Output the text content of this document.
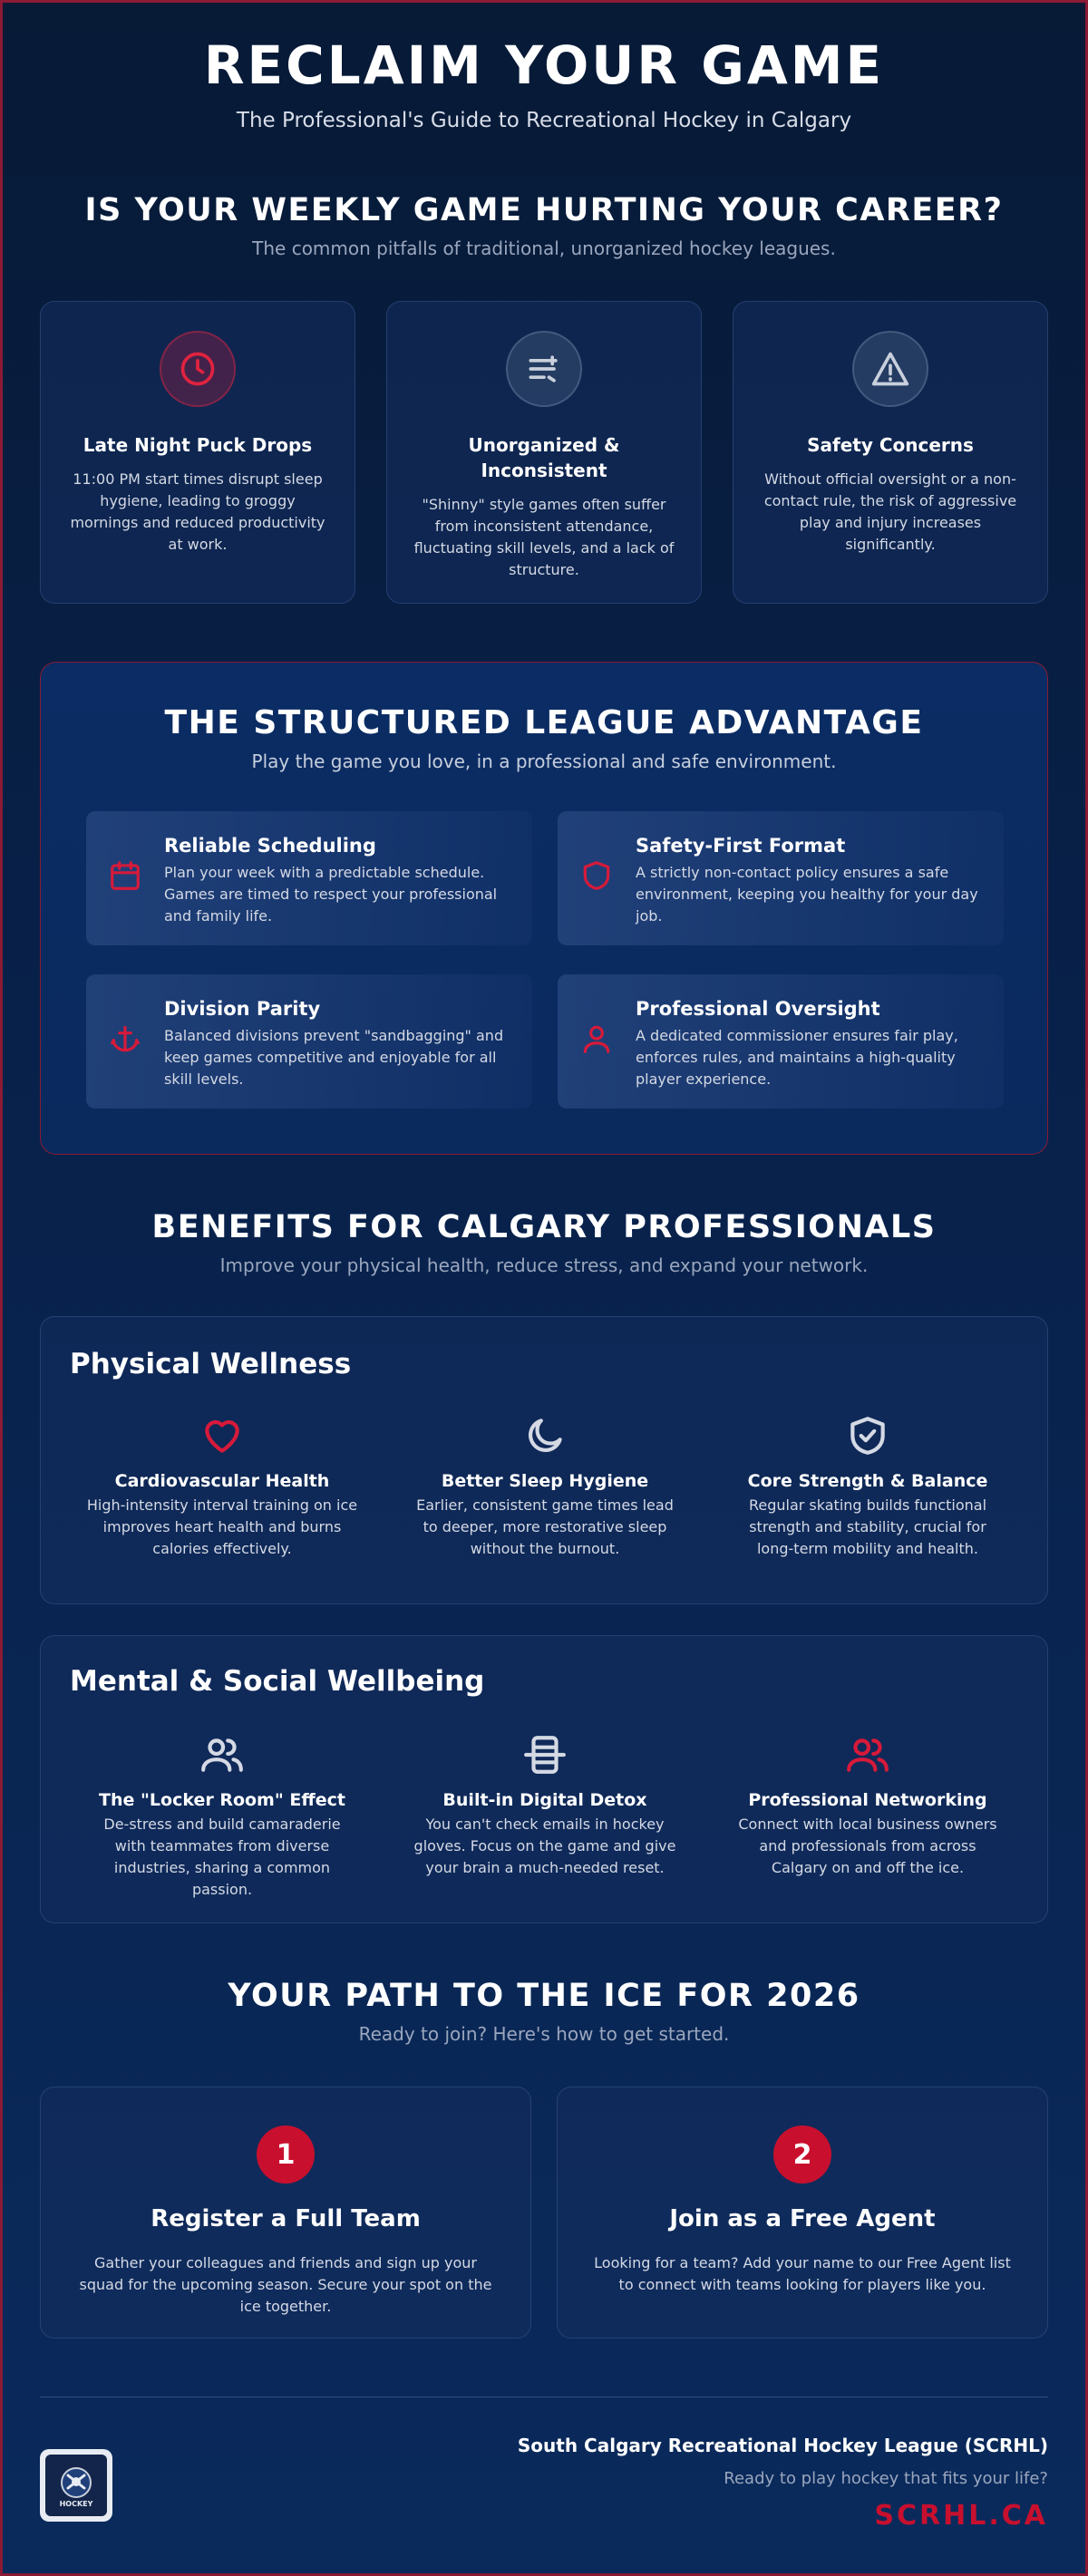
RECLAIM YOUR GAME
The Professional's Guide to Recreational Hockey in Calgary
IS YOUR WEEKLY GAME HURTING YOUR CAREER?
The common pitfalls of traditional, unorganized hockey leagues.
Late Night Puck Drops

11:00 PM start times disrupt sleep hygiene, leading to groggy mornings and reduced productivity at work.

Unorganized & Inconsistent

"Shinny" style games often suffer from inconsistent attendance, fluctuating skill levels, and a lack of structure.

Safety Concerns

Without official oversight or a non-contact rule, the risk of aggressive play and injury increases significantly.

THE STRUCTURED LEAGUE ADVANTAGE
Play the game you love, in a professional and safe environment.
Reliable Scheduling

Plan your week with a predictable schedule. Games are timed to respect your professional and family life.

Safety-First Format

A strictly non-contact policy ensures a safe environment, keeping you healthy for your day job.

Division Parity

Balanced divisions prevent "sandbagging" and keep games competitive and enjoyable for all skill levels.

Professional Oversight

A dedicated commissioner ensures fair play, enforces rules, and maintains a high-quality player experience.

BENEFITS FOR CALGARY PROFESSIONALS
Improve your physical health, reduce stress, and expand your network.
Physical Wellness
Cardiovascular Health

High-intensity interval training on ice improves heart health and burns calories effectively.

Better Sleep Hygiene

Earlier, consistent game times lead to deeper, more restorative sleep without the burnout.

Core Strength & Balance

Regular skating builds functional strength and stability, crucial for long-term mobility and health.

Mental & Social Wellbeing
The "Locker Room" Effect

De-stress and build camaraderie with teammates from diverse industries, sharing a common passion.

Built-in Digital Detox

You can't check emails in hockey gloves. Focus on the game and give your brain a much-needed reset.

Professional Networking

Connect with local business owners and professionals from across Calgary on and off the ice.

YOUR PATH TO THE ICE FOR 2026
Ready to join? Here's how to get started.
1
Register a Full Team

Gather your colleagues and friends and sign up your squad for the upcoming season. Secure your spot on the ice together.

2
Join as a Free Agent

Looking for a team? Add your name to our Free Agent list to connect with teams looking for players like you.

HOCKEY
South Calgary Recreational Hockey League (SCRHL)
Ready to play hockey that fits your life?
SCRHL.CA
